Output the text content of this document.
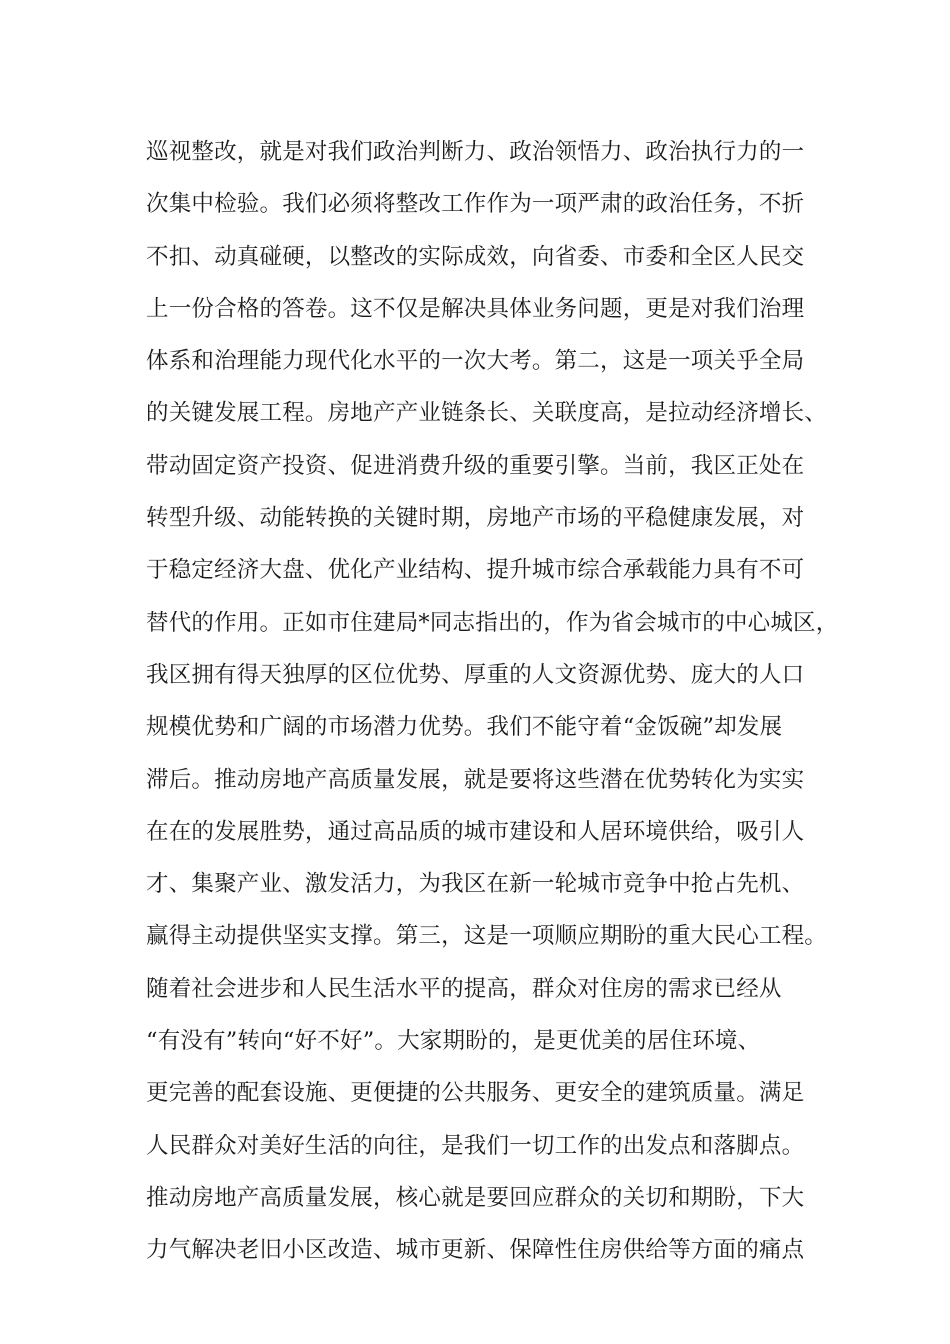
巡视整改，就是对我们政治判断力、政治领悟力、政治执行力的一
次集中检验。我们必须将整改工作作为一项严肃的政治任务，不折
不扣、动真碰硬，以整改的实际成效，向省委、市委和全区人民交
上一份合格的答卷。这不仅是解决具体业务问题，更是对我们治理
体系和治理能力现代化水平的一次大考。第二，这是一项关乎全局
的关键发展工程。房地产产业链条长、关联度高，是拉动经济增长、
带动固定资产投资、促进消费升级的重要引擎。当前，我区正处在
转型升级、动能转换的关键时期，房地产市场的平稳健康发展，对
于稳定经济大盘、优化产业结构、提升城市综合承载能力具有不可
替代的作用。正如市住建局*同志指出的，作为省会城市的中心城区，
我区拥有得天独厚的区位优势、厚重的人文资源优势、庞大的人口
规模优势和广阔的市场潜力优势。我们不能守着“金饭碗”却发展
滞后。推动房地产高质量发展，就是要将这些潜在优势转化为实实
在在的发展胜势，通过高品质的城市建设和人居环境供给，吸引人
才、集聚产业、激发活力，为我区在新一轮城市竞争中抢占先机、
赢得主动提供坚实支撑。第三，这是一项顺应期盼的重大民心工程。
随着社会进步和人民生活水平的提高，群众对住房的需求已经从
“有没有”转向“好不好”。大家期盼的，是更优美的居住环境、
更完善的配套设施、更便捷的公共服务、更安全的建筑质量。满足
人民群众对美好生活的向往，是我们一切工作的出发点和落脚点。
推动房地产高质量发展，核心就是要回应群众的关切和期盼，下大
力气解决老旧小区改造、城市更新、保障性住房供给等方面的痛点
